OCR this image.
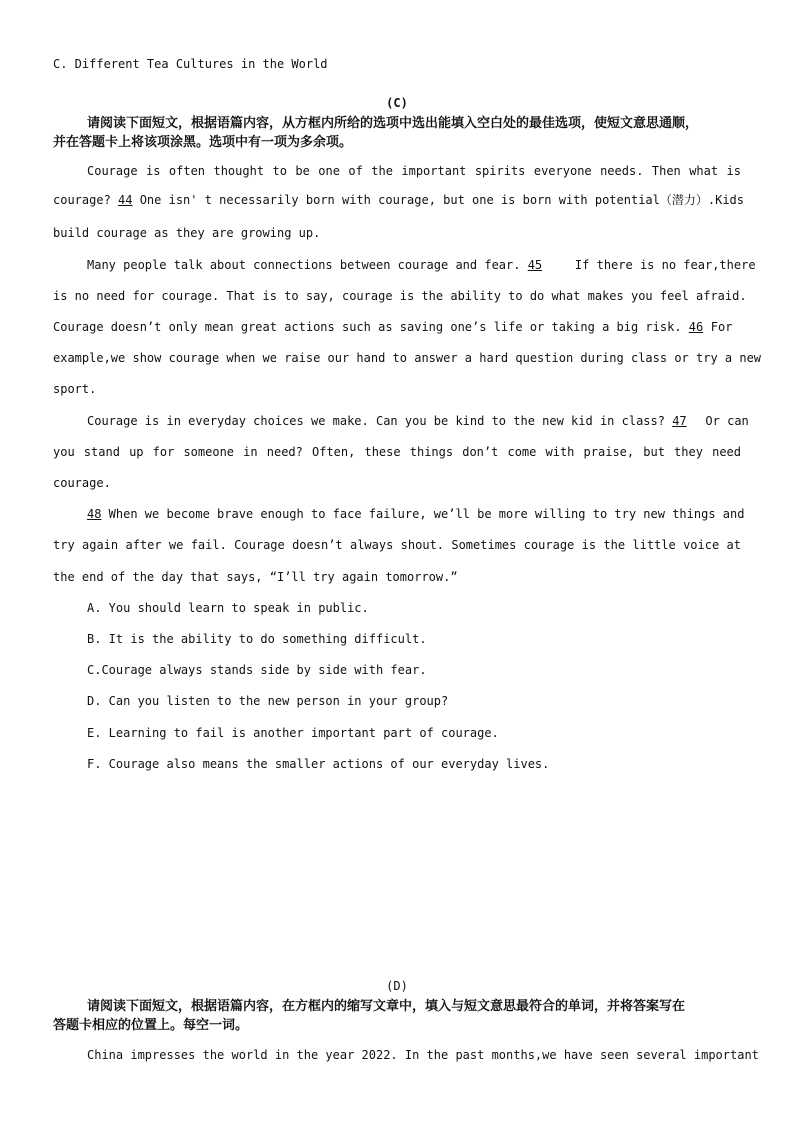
C. Different Tea Cultures in the World
(C)
请阅读下面短文，根据语篇内容，从方框内所给的选项中选出能填入空白处的最佳选项，使短文意思通顺，
并在答题卡上将该项涂黑。选项中有一项为多余项。
Courage is often thought to be one of the important spirits everyone needs. Then what is
courage? 44 One isn' t necessarily born with courage, but one is born with potential（潜力）.Kids
build courage as they are growing up.
Many people talk about connections between courage and fear. 45 If there is no fear,there
is no need for courage. That is to say, courage is the ability to do what makes you feel afraid.
Courage doesn’t only mean great actions such as saving one’s life or taking a big risk. 46 For
example,we show courage when we raise our hand to answer a hard question during class or try a new
sport.
Courage is in everyday choices we make. Can you be kind to the new kid in class? 47 Or can
you stand up for someone in need? Often, these things don’t come with praise, but they need
courage.
48 When we become brave enough to face failure, we’ll be more willing to try new things and
try again after we fail. Courage doesn’t always shout. Sometimes courage is the little voice at
the end of the day that says, “I’ll try again tomorrow.”
A. You should learn to speak in public.
B. It is the ability to do something difficult.
C.Courage always stands side by side with fear.
D. Can you listen to the new person in your group?
E. Learning to fail is another important part of courage.
F. Courage also means the smaller actions of our everyday lives.
(D)
请阅读下面短文，根据语篇内容，在方框内的缩写文章中，填入与短文意思最符合的单词，并将答案写在
答题卡相应的位置上。每空一词。
China impresses the world in the year 2022. In the past months,we have seen several important
